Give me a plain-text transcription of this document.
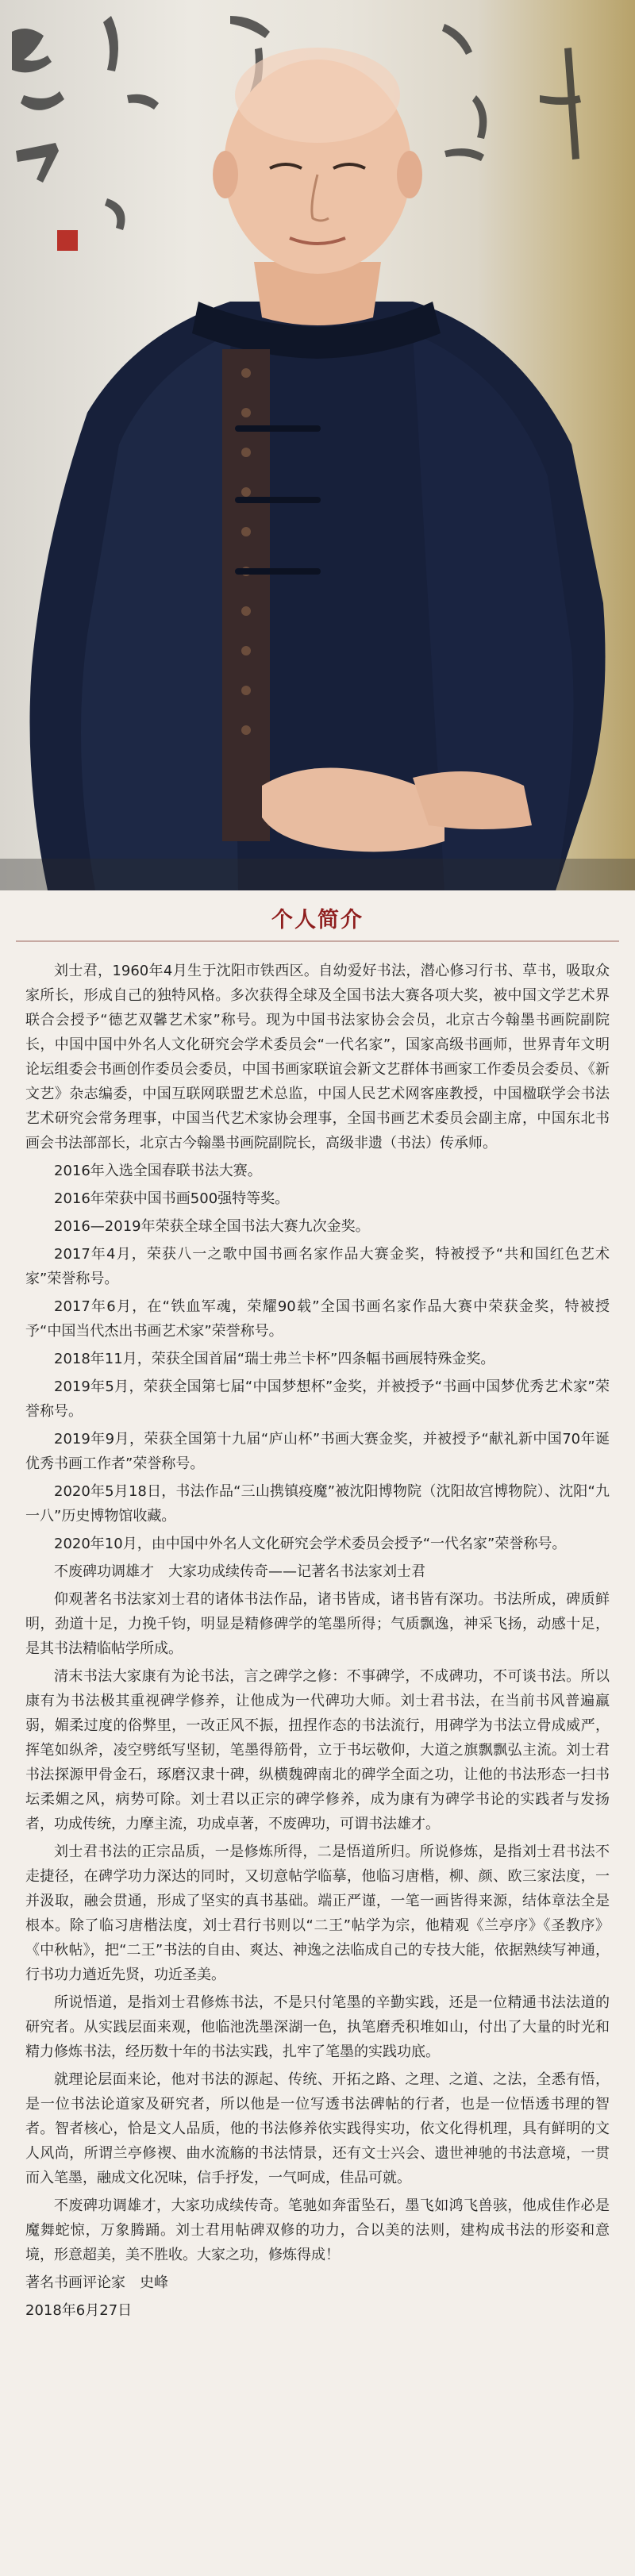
个人简介

刘士君，1960年4月生于沈阳市铁西区。自幼爱好书法，潜心修习行书、草书，吸取众家所长，形成自己的独特风格。多次获得全球及全国书法大赛各项大奖，被中国文学艺术界联合会授予“德艺双馨艺术家”称号。现为中国书法家协会会员，北京古今翰墨书画院副院长，中国中国中外名人文化研究会学术委员会“一代名家”，国家高级书画师，世界青年文明论坛组委会书画创作委员会委员，中国书画家联谊会新文艺群体书画家工作委员会委员、《新文艺》杂志编委，中国互联网联盟艺术总监，中国人民艺术网客座教授，中国楹联学会书法艺术研究会常务理事，中国当代艺术家协会理事，全国书画艺术委员会副主席，中国东北书画会书法部部长，北京古今翰墨书画院副院长，高级非遗（书法）传承师。

2016年入选全国春联书法大赛。

2016年荣获中国书画500强特等奖。

2016—2019年荣获全球全国书法大赛九次金奖。

2017年4月，荣获八一之歌中国书画名家作品大赛金奖，特被授予“共和国红色艺术家”荣誉称号。

2017年6月，在“铁血军魂，荣耀90载”全国书画名家作品大赛中荣获金奖，特被授予“中国当代杰出书画艺术家”荣誉称号。

2018年11月，荣获全国首届“瑞士弗兰卡杯”四条幅书画展特殊金奖。

2019年5月，荣获全国第七届“中国梦想杯”金奖，并被授予“书画中国梦优秀艺术家”荣誉称号。

2019年9月，荣获全国第十九届“庐山杯”书画大赛金奖，并被授予“献礼新中国70年诞优秀书画工作者”荣誉称号。

2020年5月18日，书法作品“三山携镇疫魔”被沈阳博物院（沈阳故宫博物院）、沈阳“九一八”历史博物馆收藏。

2020年10月，由中国中外名人文化研究会学术委员会授予“一代名家”荣誉称号。

不废碑功调雄才　大家功成续传奇——记著名书法家刘士君

仰观著名书法家刘士君的诸体书法作品，诸书皆成，诸书皆有深功。书法所成，碑质鲜明，劲道十足，力挽千钧，明显是精修碑学的笔墨所得；气质飘逸，神采飞扬，动感十足，是其书法精临帖学所成。

清末书法大家康有为论书法，言之碑学之修：不事碑学，不成碑功，不可谈书法。所以康有为书法极其重视碑学修养，让他成为一代碑功大师。刘士君书法，在当前书风普遍羸弱，媚柔过度的俗弊里，一改正风不振，扭捏作态的书法流行，用碑学为书法立骨成威严，挥笔如纵斧，凌空劈纸写坚韧，笔墨得筋骨，立于书坛敬仰，大道之旗飘飘弘主流。刘士君书法探源甲骨金石，琢磨汉隶十碑，纵横魏碑南北的碑学全面之功，让他的书法形态一扫书坛柔媚之风，病势可除。刘士君以正宗的碑学修养，成为康有为碑学书论的实践者与发扬者，功成传统，力摩主流，功成卓著，不废碑功，可谓书法雄才。

刘士君书法的正宗品质，一是修炼所得，二是悟道所归。所说修炼，是指刘士君书法不走捷径，在碑学功力深达的同时，又切意帖学临摹，他临习唐楷，柳、颜、欧三家法度，一并汲取，融会贯通，形成了坚实的真书基础。端正严谨，一笔一画皆得来源，结体章法全是根本。除了临习唐楷法度，刘士君行书则以“二王”帖学为宗，他精观《兰亭序》《圣教序》《中秋帖》，把“二王”书法的自由、爽达、神逸之法临成自己的专技大能，依据熟续写神通，行书功力遒近先贤，功近圣美。

所说悟道，是指刘士君修炼书法，不是只付笔墨的辛勤实践，还是一位精通书法法道的研究者。从实践层面来观，他临池洗墨深湖一色，执笔磨秃积堆如山，付出了大量的时光和精力修炼书法，经历数十年的书法实践，扎牢了笔墨的实践功底。

就理论层面来论，他对书法的源起、传统、开拓之路、之理、之道、之法，全悉有悟，是一位书法论道家及研究者，所以他是一位写透书法碑帖的行者，也是一位悟透书理的智者。智者核心，恰是文人品质，他的书法修养依实践得实功，依文化得机理，具有鲜明的文人风尚，所谓兰亭修禊、曲水流觞的书法情景，还有文士兴会、遗世神驰的书法意境，一贯而入笔墨，融成文化况味，信手抒发，一气呵成，佳品可就。

不废碑功调雄才，大家功成续传奇。笔驰如奔雷坠石，墨飞如鸿飞兽骇，他成佳作必是魔舞蛇惊，万象腾踊。刘士君用帖碑双修的功力，合以美的法则，建构成书法的形姿和意境，形意超美，美不胜收。大家之功，修炼得成！

著名书画评论家　史峰

2018年6月27日
